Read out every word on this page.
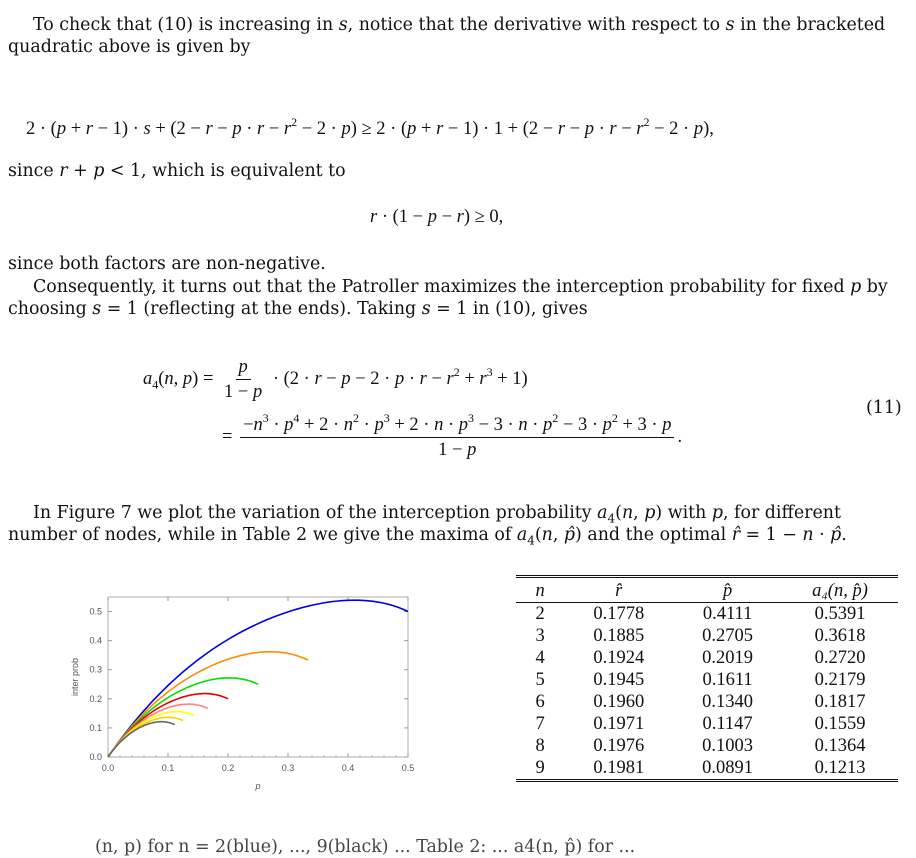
To check that (10) is increasing in s, notice that the derivative with respect to s in the bracketed quadratic above is given by
$2 \cdot (p + r - 1) \cdot s + (2 - r - p \cdot r - r^2 - 2 \cdot p) \ge 2 \cdot (p + r - 1) \cdot 1 + (2 - r - p \cdot r - r^2 - 2 \cdot p)$,
since r + p < 1, which is equivalent to
r · (1 − p − r) ≥ 0,
since both factors are non-negative.
Consequently, it turns out that the Patroller maximizes the interception probability for fixed p by choosing s = 1 (reflecting at the ends). Taking s = 1 in (10), gives
$a_4(n$, $p) = \frac{p}{1 - p} \cdot (2 \cdot r - p - 2 \cdot p \cdot r - r^2 + r^3 + 1)$
=
$-n^3 \cdot p^4 + 2 \cdot n^2 \cdot p^3 + 2 \cdot n \cdot p^3 - 3 \cdot n \cdot p^2 - 3 \cdot p^2 + 3 \cdot p$
1 − p
.
(11)
In Figure 7 we plot the variation of the interception probability $a_4(n$, p) with p, for different number of nodes, while in Table 2 we give the maxima of $a_4(n$, p̂) and the optimal r̂ = 1 − n · p̂.
0.0	0.1	0.2	0.3	0.4	0.5
0.0
0.1
0.2
0.3
0.4
0.5
p
inter prob
n	r̂	p̂	a₄(n, p̂)
2	0.1778	0.4111	0.5391
3	0.1885	0.2705	0.3618
4	0.1924	0.2019	0.2720
5	0.1945	0.1611	0.2179
6	0.1960	0.1340	0.1817
7	0.1971	0.1147	0.1559
8	0.1976	0.1003	0.1364
9	0.1981	0.0891	0.1213
(n, p) for n = 2(blue), ..., 9(black) ... Table 2: ... a4(n, p̂) for ...
